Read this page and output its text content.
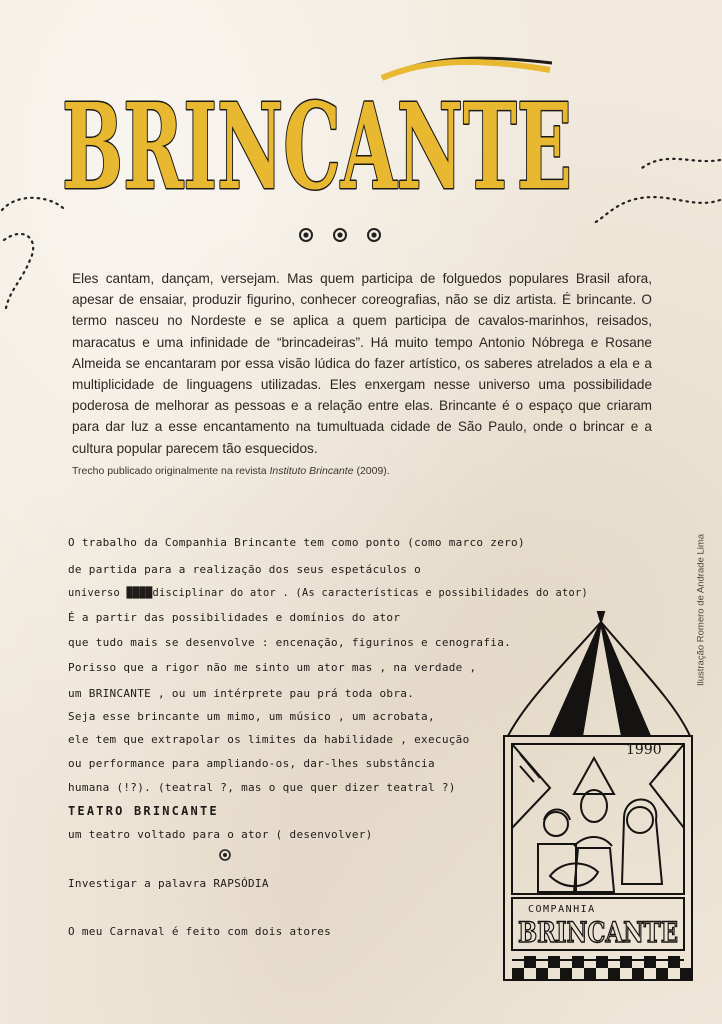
BRINCANTE

Eles cantam, dançam, versejam. Mas quem participa de folguedos populares Brasil afora, apesar de ensaiar, produzir figurino, conhecer coreografias, não se diz artista. É brincante. O termo nasceu no Nordeste e se aplica a quem participa de cavalos-marinhos, reisados, maracatus e uma infinidade de “brincadeiras”. Há muito tempo Antonio Nóbrega e Rosane Almeida se encantaram por essa visão lúdica do fazer artístico, os saberes atrelados a ela e a multiplicidade de linguagens utilizadas. Eles enxergam nesse universo uma possibilidade poderosa de melhorar as pessoas e a relação entre elas. Brincante é o espaço que criaram para dar luz a esse encantamento na tumultuada cidade de São Paulo, onde o brincar e a cultura popular parecem tão esquecidos.

Trecho publicado originalmente na revista Instituto Brincante (2009).

O trabalho da Companhia Brincante tem como ponto (como marco zero)

de partida para a realização dos seus espetáculos o

universo ████disciplinar do ator . (As características e possibilidades do ator)

É a partir das possibilidades e domínios do ator

que tudo mais se desenvolve : encenação, figurinos e cenografia.

Porisso que a rigor não me sinto um ator mas , na verdade ,

um BRINCANTE , ou um intérprete pau prá toda obra.

Seja esse brincante um mimo, um músico , um acrobata,

ele tem que extrapolar os limites da habilidade , execução

ou performance para ampliando-os, dar-lhes substância

humana (!?). (teatral ?, mas o que quer dizer teatral ?)

TEATRO BRINCANTE

um teatro voltado para o ator ( desenvolver)

Investigar a palavra RAPSÓDIA

O meu Carnaval é feito com dois atores

Ilustração Romero de Andrade Lima
1990
COMPANHIA
BRINCANTE
